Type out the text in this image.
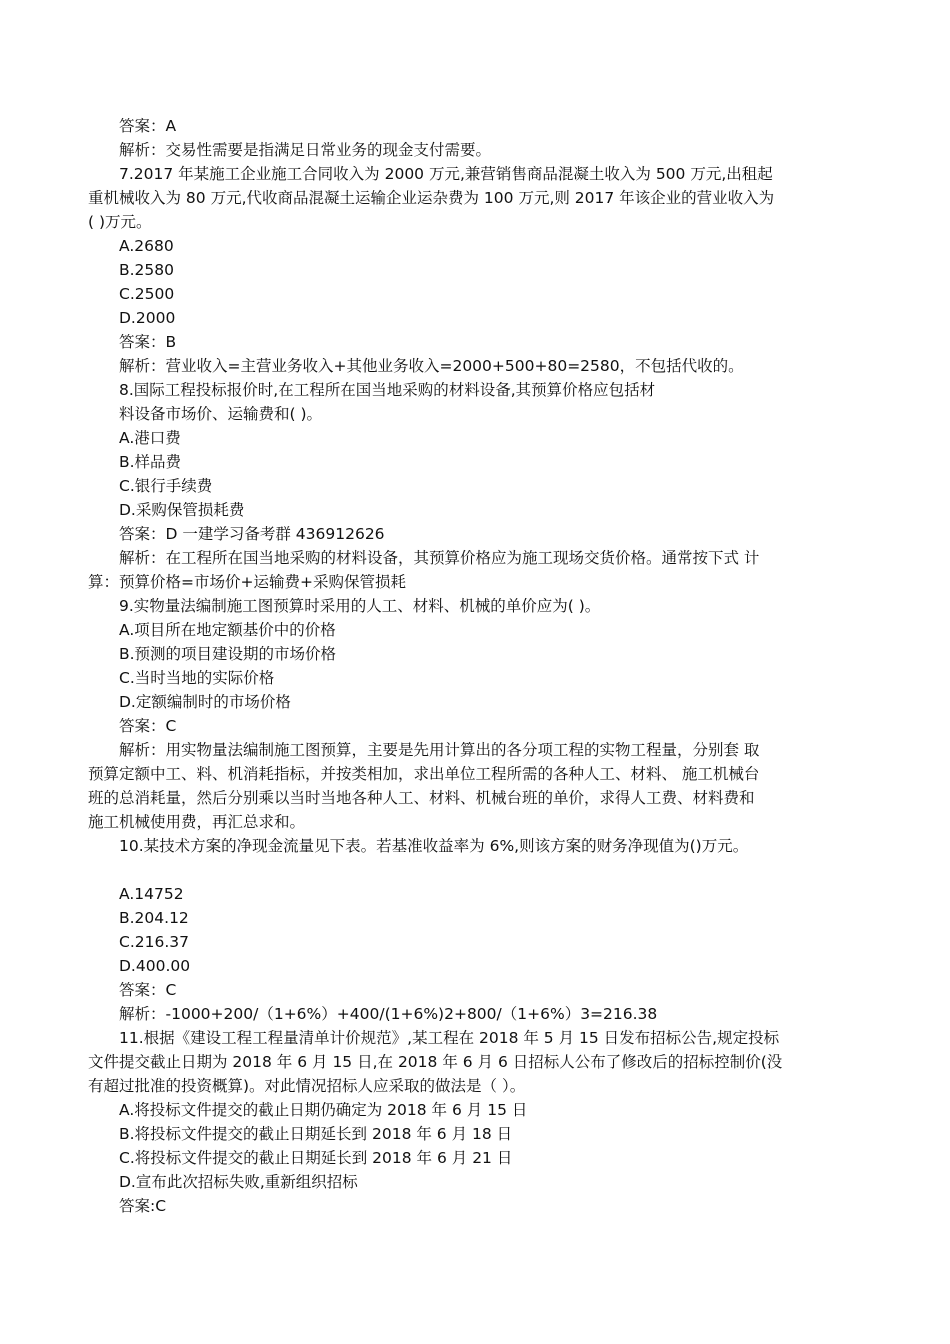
答案：A
解析：交易性需要是指满足日常业务的现金支付需要。
7.2017 年某施工企业施工合同收入为 2000 万元,兼营销售商品混凝土收入为 500 万元,出租起
重机械收入为 80 万元,代收商品混凝土运输企业运杂费为 100 万元,则 2017 年该企业的营业收入为
( )万元。
A.2680
B.2580
C.2500
D.2000
答案：B
解析：营业收入=主营业务收入+其他业务收入=2000+500+80=2580，不包括代收的。
8.国际工程投标报价时,在工程所在国当地采购的材料设备,其预算价格应包括材
料设备市场价、运输费和( )。
A.港口费
B.样品费
C.银行手续费
D.采购保管损耗费
答案：D 一建学习备考群 436912626
解析：在工程所在国当地采购的材料设备，其预算价格应为施工现场交货价格。通常按下式 计
算：预算价格=市场价+运输费+采购保管损耗
9.实物量法编制施工图预算时采用的人工、材料、机械的单价应为( )。
A.项目所在地定额基价中的价格
B.预测的项目建设期的市场价格
C.当时当地的实际价格
D.定额编制时的市场价格
答案：C
解析：用实物量法编制施工图预算，主要是先用计算出的各分项工程的实物工程量，分别套 取
预算定额中工、料、机消耗指标，并按类相加，求出单位工程所需的各种人工、材料、 施工机械台
班的总消耗量，然后分别乘以当时当地各种人工、材料、机械台班的单价，求得人工费、材料费和
施工机械使用费，再汇总求和。
10.某技术方案的净现金流量见下表。若基准收益率为 6%,则该方案的财务净现值为()万元。
A.14752
B.204.12
C.216.37
D.400.00
答案：C
解析：-1000+200/（1+6%）+400/(1+6%)2+800/（1+6%）3=216.38
11.根据《建设工程工程量清单计价规范》,某工程在 2018 年 5 月 15 日发布招标公告,规定投标
文件提交截止日期为 2018 年 6 月 15 日,在 2018 年 6 月 6 日招标人公布了修改后的招标控制价(没
有超过批准的投资概算)。对此情况招标人应采取的做法是（ ）。
A.将投标文件提交的截止日期仍确定为 2018 年 6 月 15 日
B.将投标文件提交的截止日期延长到 2018 年 6 月 18 日
C.将投标文件提交的截止日期延长到 2018 年 6 月 21 日
D.宣布此次招标失败,重新组织招标
答案:C
